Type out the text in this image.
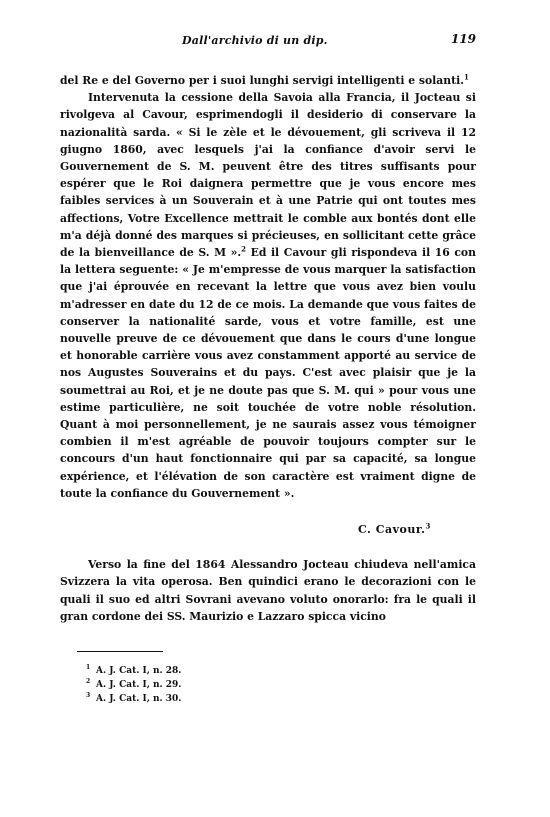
Dall'archivio di un dip.	119

del Re e del Governo per i suoi lunghi servigi intelligenti e solanti.$^1$

Intervenuta la cessione della Savoia alla Francia, il Jocteau si rivolgeva al Cavour, esprimendogli il desiderio di conservare la nazionalità sarda. « Si le zèle et le dévouement, gli scriveva il 12 giugno 1860, avec lesquels j'ai la confiance d'avoir servi le Gouvernement de S. M. peuvent être des titres suffisants pour espérer que le Roi daignera permettre que je vous encore mes faibles services à un Souverain et à une Patrie qui ont toutes mes affections, Votre Excellence mettrait le comble aux bontés dont elle m'a déjà donné des marques si précieuses, en sollicitant cette grâce de la bienveillance de S. M ».$^2$ Ed il Cavour gli rispondeva il 16 con la lettera seguente: « Je m'empresse de vous marquer la satisfaction que j'ai éprouvée en recevant la lettre que vous avez bien voulu m'adresser en date du 12 de ce mois. La demande que vous faites de conserver la nationalité sarde, vous et votre famille, est une nouvelle preuve de ce dévouement que dans le cours d'une longue et honorable carrière vous avez constamment apporté au service de nos Augustes Souverains et du pays. C'est avec plaisir que je la soumettrai au Roi, et je ne doute pas que S. M. qui » pour vous une estime particulière, ne soit touchée de votre noble résolution. Quant à moi personnellement, je ne saurais assez vous témoigner combien il m'est agréable de pouvoir toujours compter sur le concours d'un haut fonctionnaire qui par sa capacité, sa longue expérience, et l'élévation de son caractère est vraiment digne de toute la confiance du Gouvernement ».

C. Cavour.$^3$

Verso la fine del 1864 Alessandro Jocteau chiudeva nell'amica Svizzera la vita operosa. Ben quindici erano le decorazioni con le quali il suo ed altri Sovrani avevano voluto onorarlo: fra le quali il gran cordone dei SS. Maurizio e Lazzaro spicca vicino

1 A. J. Cat. I, n. 28.
2 A. J. Cat. I, n. 29.
3 A. J. Cat. I, n. 30.
